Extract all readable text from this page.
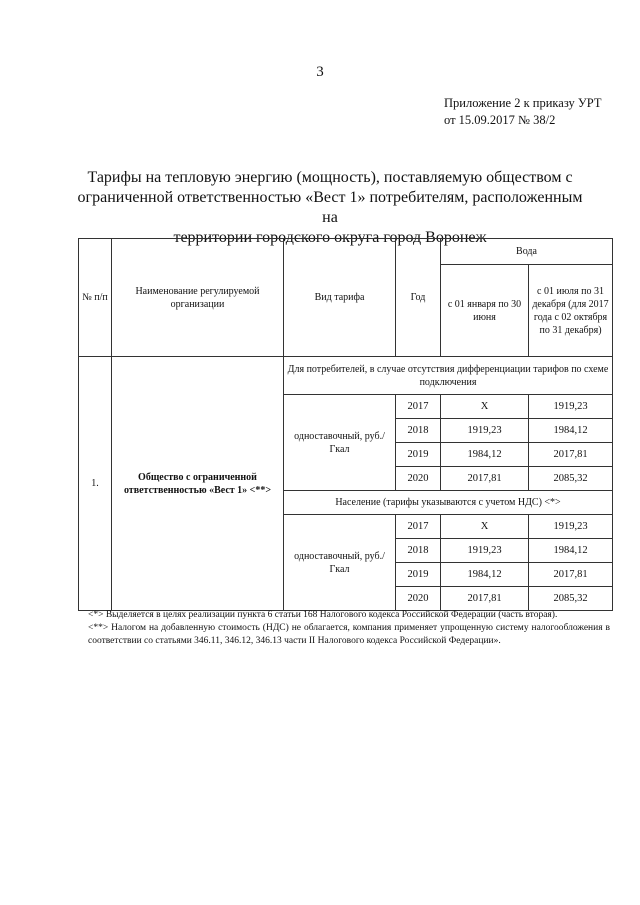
3
Приложение 2 к приказу УРТ
от 15.09.2017 № 38/2
Тарифы на тепловую энергию (мощность), поставляемую обществом с
ограниченной ответственностью «Вест 1» потребителям, расположенным на
территории городского округа город Воронеж
№ п/п	Наименование регулируемой организации	Вид тарифа	Год	Вода	
				с 01 января по 30 июня	с 01 июля по 31 декабря (для 2017 года с 02 октября по 31 декабря)
1.	Общество с ограниченной ответственностью «Вест 1» <**>	Для потребителей, в случае отсутствия дифференциации тарифов по схеме подключения			
		одноставочный, руб./Гкал	2017	Х	1919,23
			2018	1919,23	1984,12
			2019	1984,12	2017,81
			2020	2017,81	2085,32
		Население (тарифы указываются с учетом НДС) <*>			
		одноставочный, руб./Гкал	2017	Х	1919,23
			2018	1919,23	1984,12
			2019	1984,12	2017,81
			2020	2017,81	2085,32

<*> Выделяется в целях реализации пункта 6 статьи 168 Налогового кодекса Российской Федерации (часть вторая).

<**> Налогом на добавленную стоимость (НДС) не облагается, компания применяет упрощенную систему налогообложения в соответствии со статьями 346.11, 346.12, 346.13 части II Налогового кодекса Российской Федерации».
